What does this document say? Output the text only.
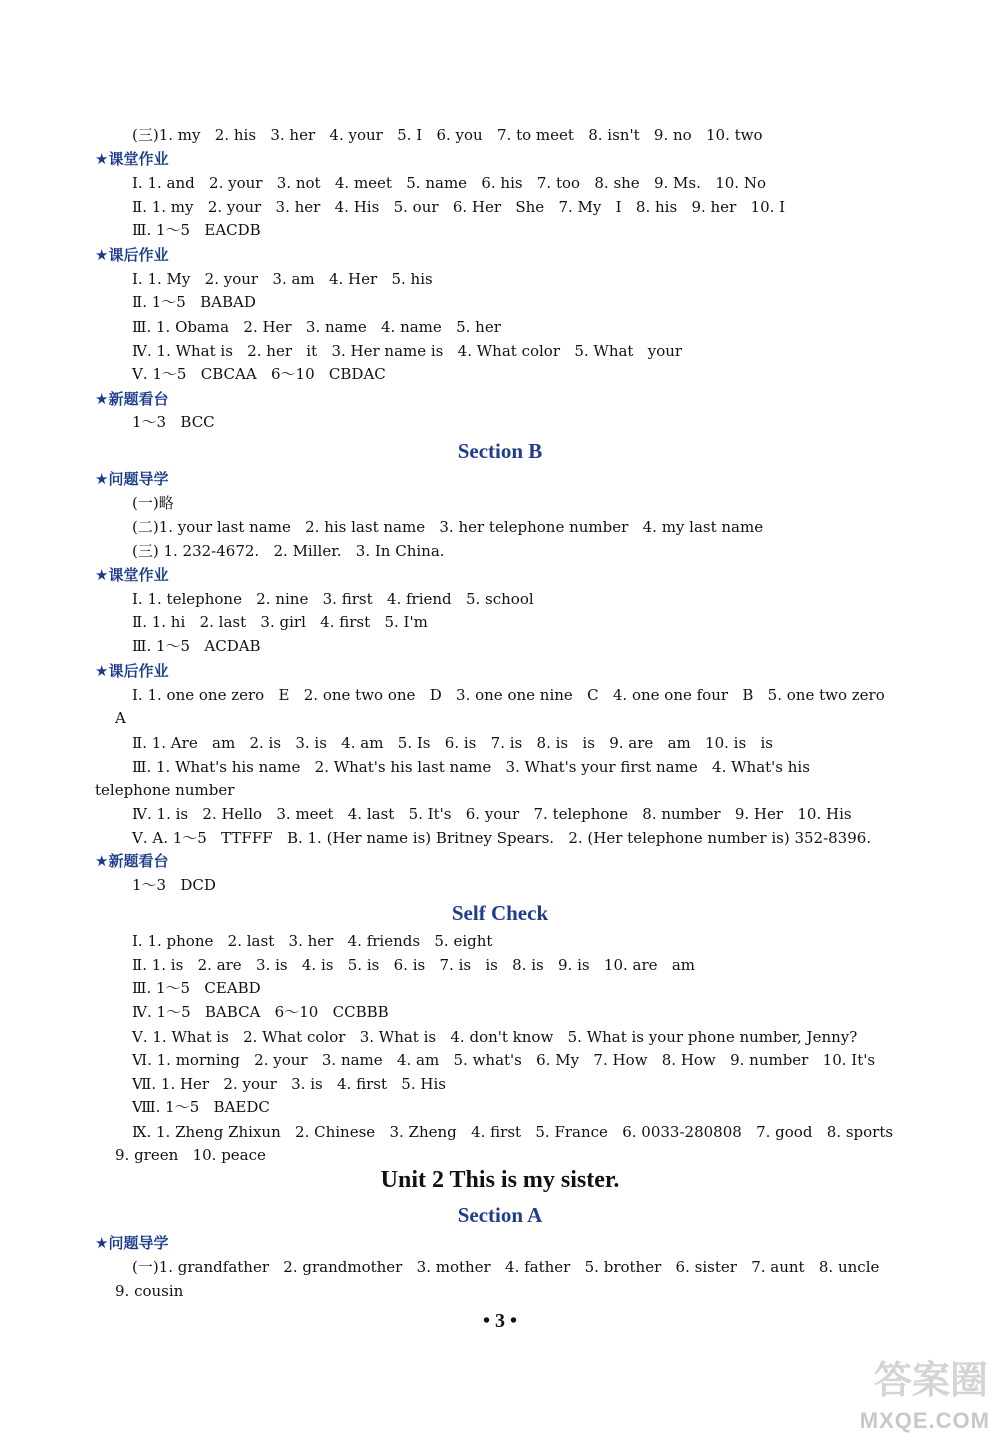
(三)1. my   2. his   3. her   4. your   5. I   6. you   7. to meet   8. isn't   9. no   10. two
★课堂作业
Ⅰ. 1. and   2. your   3. not   4. meet   5. name   6. his   7. too   8. she   9. Ms.   10. No
Ⅱ. 1. my   2. your   3. her   4. His   5. our   6. Her   She   7. My   I   8. his   9. her   10. I
Ⅲ. 1～5   EACDB
★课后作业
Ⅰ. 1. My   2. your   3. am   4. Her   5. his
Ⅱ. 1～5   BABAD
Ⅲ. 1. Obama   2. Her   3. name   4. name   5. her
Ⅳ. 1. What is   2. her   it   3. Her name is   4. What color   5. What   your
Ⅴ. 1～5   CBCAA   6～10   CBDAC
★新题看台
1～3   BCC
Section B
★问题导学
(一)略
(二)1. your last name   2. his last name   3. her telephone number   4. my last name
(三) 1. 232-4672.   2. Miller.   3. In China.
★课堂作业
Ⅰ. 1. telephone   2. nine   3. first   4. friend   5. school
Ⅱ. 1. hi   2. last   3. girl   4. first   5. I'm
Ⅲ. 1～5   ACDAB
★课后作业
Ⅰ. 1. one one zero   E   2. one two one   D   3. one one nine   C   4. one one four   B   5. one two zero
A
Ⅱ. 1. Are   am   2. is   3. is   4. am   5. Is   6. is   7. is   8. is   is   9. are   am   10. is   is
Ⅲ. 1. What's his name   2. What's his last name   3. What's your first name   4. What's his
telephone number
Ⅳ. 1. is   2. Hello   3. meet   4. last   5. It's   6. your   7. telephone   8. number   9. Her   10. His
Ⅴ. A. 1～5   TTFFF   B. 1. (Her name is) Britney Spears.   2. (Her telephone number is) 352-8396.
★新题看台
1～3   DCD
Self Check
Ⅰ. 1. phone   2. last   3. her   4. friends   5. eight
Ⅱ. 1. is   2. are   3. is   4. is   5. is   6. is   7. is   is   8. is   9. is   10. are   am
Ⅲ. 1～5   CEABD
Ⅳ. 1～5   BABCA   6～10   CCBBB
Ⅴ. 1. What is   2. What color   3. What is   4. don't know   5. What is your phone number, Jenny?
Ⅵ. 1. morning   2. your   3. name   4. am   5. what's   6. My   7. How   8. How   9. number   10. It's
Ⅶ. 1. Her   2. your   3. is   4. first   5. His
Ⅷ. 1～5   BAEDC
Ⅸ. 1. Zheng Zhixun   2. Chinese   3. Zheng   4. first   5. France   6. 0033-280808   7. good   8. sports
9. green   10. peace
Unit 2 This is my sister.
Section A
★问题导学
(一)1. grandfather   2. grandmother   3. mother   4. father   5. brother   6. sister   7. aunt   8. uncle
9. cousin
• 3 •
答案圈
MXQE.COM
